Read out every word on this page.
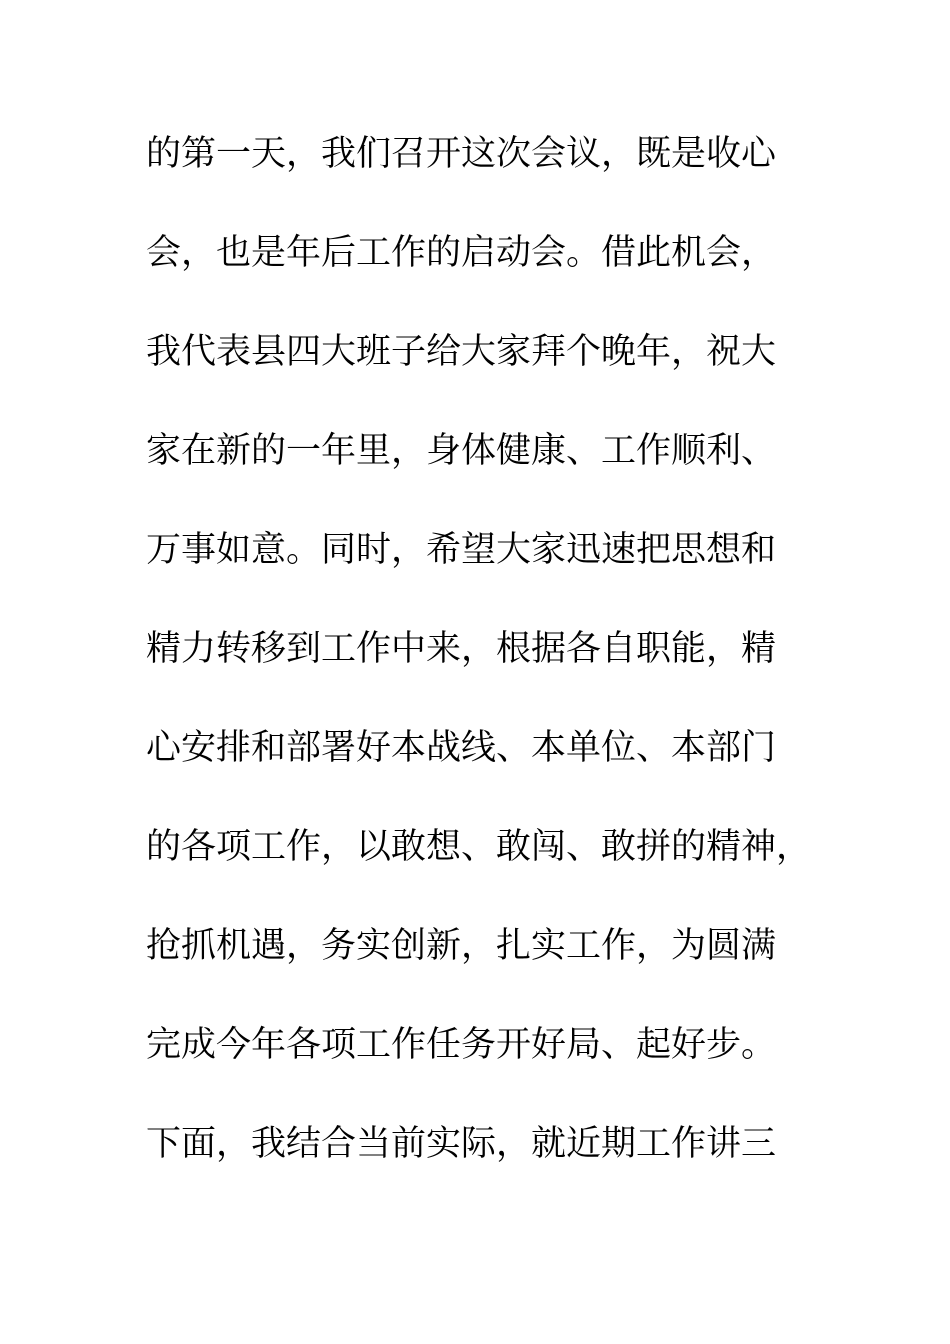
的第一天，我们召开这次会议，既是收心
会，也是年后工作的启动会。借此机会，
我代表县四大班子给大家拜个晚年，祝大
家在新的一年里，身体健康、工作顺利、
万事如意。同时，希望大家迅速把思想和
精力转移到工作中来，根据各自职能，精
心安排和部署好本战线、本单位、本部门
的各项工作，以敢想、敢闯、敢拼的精神，
抢抓机遇，务实创新，扎实工作，为圆满
完成今年各项工作任务开好局、起好步。
下面，我结合当前实际，就近期工作讲三
